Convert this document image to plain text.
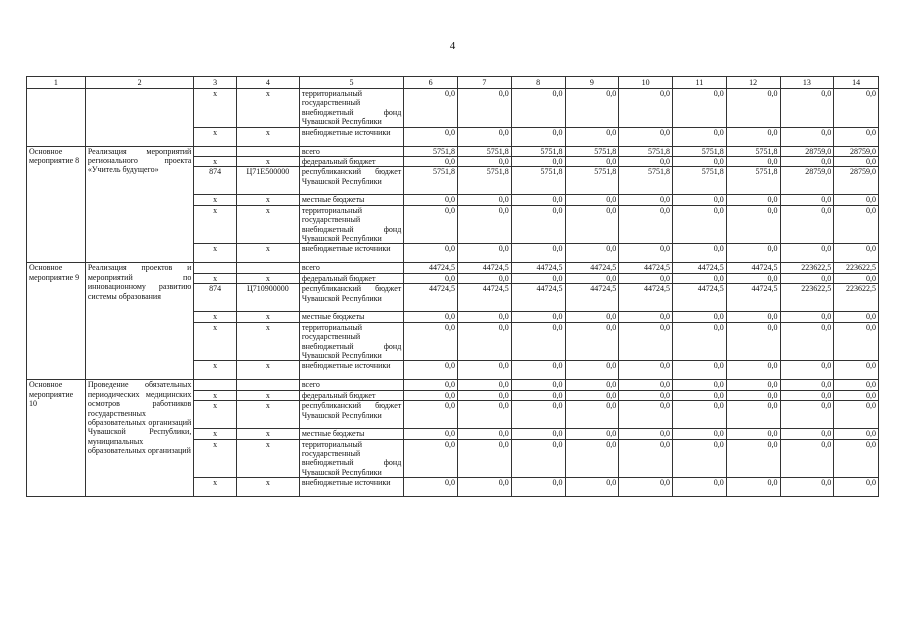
4
1	2	3	4	5	6	7	8	9	10	11	12	13	14
		x	x	территориальный государственный внебюджетный фонд Чувашской Республики	0,0	0,0	0,0	0,0	0,0	0,0	0,0	0,0	0,0
		x	x	внебюджетные источники	0,0	0,0	0,0	0,0	0,0	0,0	0,0	0,0	0,0
Основное мероприятие 8	Реализация мероприятий регионального проекта «Учитель будущего»			всего	5751,8	5751,8	5751,8	5751,8	5751,8	5751,8	5751,8	28759,0	28759,0
		x	x	федеральный бюджет	0,0	0,0	0,0	0,0	0,0	0,0	0,0	0,0	0,0
		874	Ц71Е500000	республиканский бюджет Чувашской Республики	5751,8	5751,8	5751,8	5751,8	5751,8	5751,8	5751,8	28759,0	28759,0
		x	x	местные бюджеты	0,0	0,0	0,0	0,0	0,0	0,0	0,0	0,0	0,0
		x	x	территориальный государственный внебюджетный фонд Чувашской Республики	0,0	0,0	0,0	0,0	0,0	0,0	0,0	0,0	0,0
		x	x	внебюджетные источники	0,0	0,0	0,0	0,0	0,0	0,0	0,0	0,0	0,0
Основное мероприятие 9	Реализация проектов и мероприятий по инновационному развитию системы образования			всего	44724,5	44724,5	44724,5	44724,5	44724,5	44724,5	44724,5	223622,5	223622,5
		x	x	федеральный бюджет	0,0	0,0	0,0	0,0	0,0	0,0	0,0	0,0	0,0
		874	Ц710900000	республиканский бюджет Чувашской Республики	44724,5	44724,5	44724,5	44724,5	44724,5	44724,5	44724,5	223622,5	223622,5
		x	x	местные бюджеты	0,0	0,0	0,0	0,0	0,0	0,0	0,0	0,0	0,0
		x	x	территориальный государственный внебюджетный фонд Чувашской Республики	0,0	0,0	0,0	0,0	0,0	0,0	0,0	0,0	0,0
		x	x	внебюджетные источники	0,0	0,0	0,0	0,0	0,0	0,0	0,0	0,0	0,0
Основное мероприятие 10	Проведение обязательных периодических медицинских осмотров работников государственных образовательных организаций Чувашской Республики, муниципальных образовательных организаций			всего	0,0	0,0	0,0	0,0	0,0	0,0	0,0	0,0	0,0
		x	x	федеральный бюджет	0,0	0,0	0,0	0,0	0,0	0,0	0,0	0,0	0,0
		x	x	республиканский бюджет Чувашской Республики	0,0	0,0	0,0	0,0	0,0	0,0	0,0	0,0	0,0
		x	x	местные бюджеты	0,0	0,0	0,0	0,0	0,0	0,0	0,0	0,0	0,0
		x	x	территориальный государственный внебюджетный фонд Чувашской Республики	0,0	0,0	0,0	0,0	0,0	0,0	0,0	0,0	0,0
		x	x	внебюджетные источники	0,0	0,0	0,0	0,0	0,0	0,0	0,0	0,0	0,0
